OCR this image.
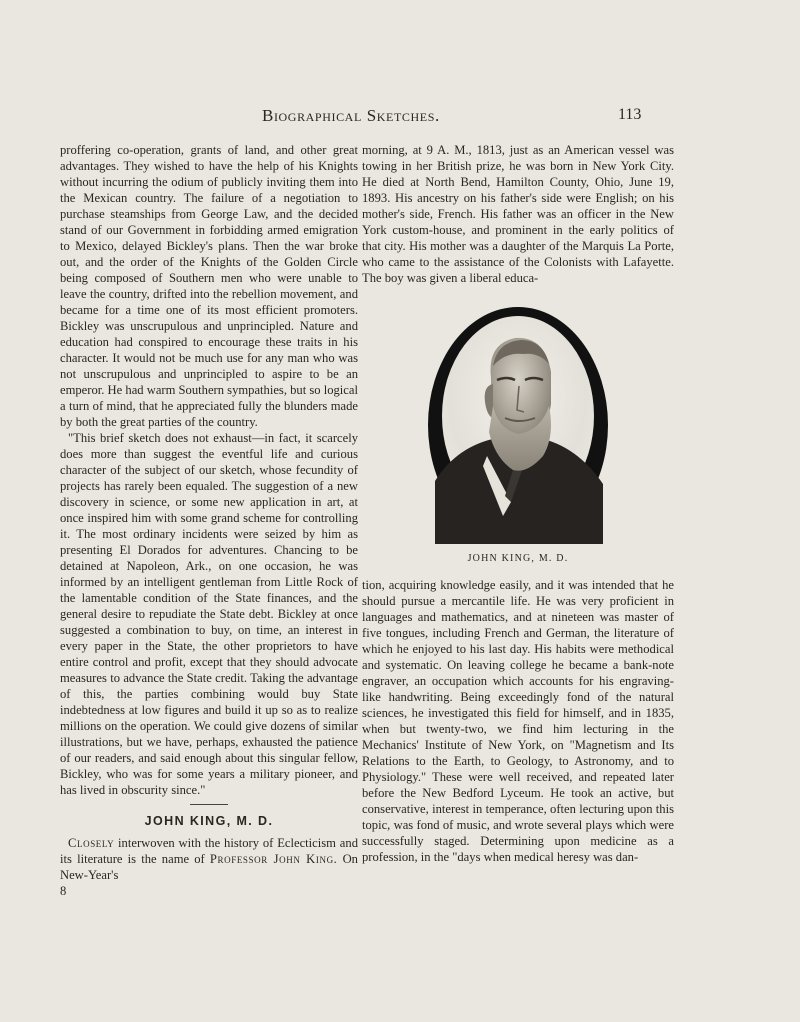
Biographical Sketches.	113

proffering co-operation, grants of land, and other great advantages. They wished to have the help of his Knights without incurring the odium of publicly inviting them into the Mexican country. The failure of a negotiation to purchase steamships from George Law, and the decided stand of our Government in forbidding armed emigration to Mexico, delayed Bickley's plans. Then the war broke out, and the order of the Knights of the Golden Circle being composed of Southern men who were unable to leave the country, drifted into the rebellion movement, and became for a time one of its most efficient promoters. Bickley was unscrupulous and unprincipled. Nature and education had conspired to encourage these traits in his character. It would not be much use for any man who was not unscrupulous and unprincipled to aspire to be an emperor. He had warm Southern sympathies, but so logical a turn of mind, that he appreciated fully the blunders made by both the great parties of the country.

"This brief sketch does not exhaust—in fact, it scarcely does more than suggest the eventful life and curious character of the subject of our sketch, whose fecundity of projects has rarely been equaled. The suggestion of a new discovery in science, or some new application in art, at once inspired him with some grand scheme for controlling it. The most ordinary incidents were seized by him as presenting El Dorados for adventures. Chancing to be detained at Napoleon, Ark., on one occasion, he was informed by an intelligent gentleman from Little Rock of the lamentable condition of the State finances, and the general desire to repudiate the State debt. Bickley at once suggested a combination to buy, on time, an interest in every paper in the State, the other proprietors to have entire control and profit, except that they should advocate measures to advance the State credit. Taking the advantage of this, the parties combining would buy State indebtedness at low figures and build it up so as to realize millions on the operation. We could give dozens of similar illustrations, but we have, perhaps, exhausted the patience of our readers, and said enough about this singular fellow, Bickley, who was for some years a military pioneer, and has lived in obscurity since."

JOHN KING, M. D.

Closely interwoven with the history of Eclecticism and its literature is the name of Professor John King. On New-Year's

8

morning, at 9 A. M., 1813, just as an American vessel was towing in her British prize, he was born in New York City. He died at North Bend, Hamilton County, Ohio, June 19, 1893. His ancestry on his father's side were English; on his mother's side, French. His father was an officer in the New York custom-house, and prominent in the early politics of that city. His mother was a daughter of the Marquis La Porte, who came to the assistance of the Colonists with Lafayette. The boy was given a liberal educa-

JOHN KING, M. D.

tion, acquiring knowledge easily, and it was intended that he should pursue a mercantile life. He was very proficient in languages and mathematics, and at nineteen was master of five tongues, including French and German, the literature of which he enjoyed to his last day. His habits were methodical and systematic. On leaving college he became a bank-note engraver, an occupation which accounts for his engraving-like handwriting. Being exceedingly fond of the natural sciences, he investigated this field for himself, and in 1835, when but twenty-two, we find him lecturing in the Mechanics' Institute of New York, on "Magnetism and Its Relations to the Earth, to Geology, to Astronomy, and to Physiology." These were well received, and repeated later before the New Bedford Lyceum. He took an active, but conservative, interest in temperance, often lecturing upon this topic, was fond of music, and wrote several plays which were successfully staged. Determining upon medicine as a profession, in the "days when medical heresy was dan-
